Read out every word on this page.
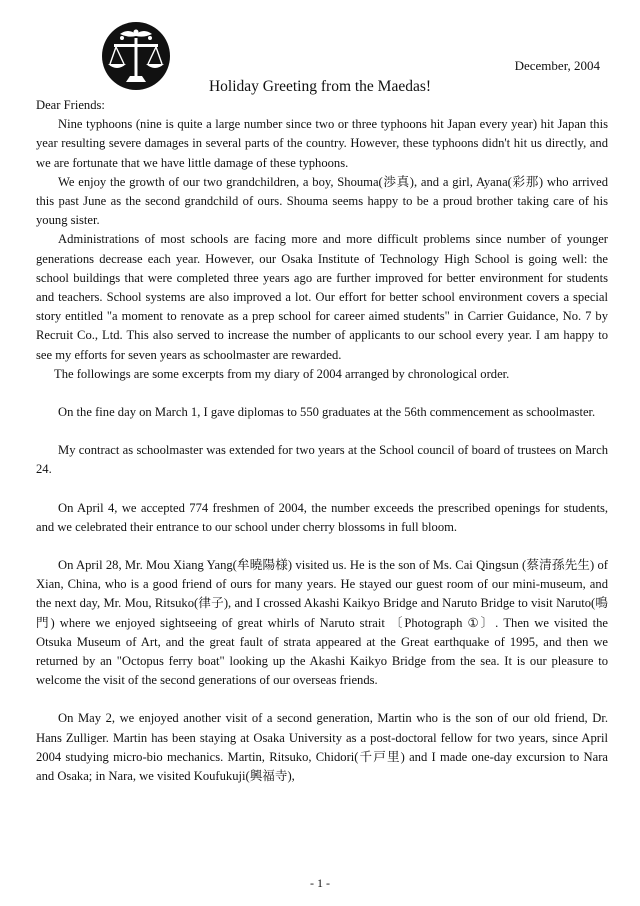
December, 2004
Holiday Greeting from the Maedas!

Dear Friends:

Nine typhoons (nine is quite a large number since two or three typhoons hit Japan every year) hit Japan this year resulting severe damages in several parts of the country. However, these typhoons didn't hit us directly, and we are fortunate that we have little damage of these typhoons.

We enjoy the growth of our two grandchildren, a boy, Shouma(渉真), and a girl, Ayana(彩那) who arrived this past June as the second grandchild of ours. Shouma seems happy to be a proud brother taking care of his young sister.

Administrations of most schools are facing more and more difficult problems since number of younger generations decrease each year. However, our Osaka Institute of Technology High School is going well: the school buildings that were completed three years ago are further improved for better environment for students and teachers. School systems are also improved a lot. Our effort for better school environment covers a special story entitled "a moment to renovate as a prep school for career aimed students" in Carrier Guidance, No. 7 by Recruit Co., Ltd. This also served to increase the number of applicants to our school every year. I am happy to see my efforts for seven years as schoolmaster are rewarded.

The followings are some excerpts from my diary of 2004 arranged by chronological order.

On the fine day on March 1, I gave diplomas to 550 graduates at the 56th commencement as schoolmaster.

My contract as schoolmaster was extended for two years at the School council of board of trustees on March 24.

On April 4, we accepted 774 freshmen of 2004, the number exceeds the prescribed openings for students, and we celebrated their entrance to our school under cherry blossoms in full bloom.

On April 28, Mr. Mou Xiang Yang(牟曉陽様) visited us. He is the son of Ms. Cai Qingsun (蔡清孫先生) of Xian, China, who is a good friend of ours for many years. He stayed our guest room of our mini-museum, and the next day, Mr. Mou, Ritsuko(律子), and I crossed Akashi Kaikyo Bridge and Naruto Bridge to visit Naruto(鳴門) where we enjoyed sightseeing of great whirls of Naruto strait 〔Photograph ①〕. Then we visited the Otsuka Museum of Art, and the great fault of strata appeared at the Great earthquake of 1995, and then we returned by an "Octopus ferry boat" looking up the Akashi Kaikyo Bridge from the sea. It is our pleasure to welcome the visit of the second generations of our overseas friends.

On May 2, we enjoyed another visit of a second generation, Martin who is the son of our old friend, Dr. Hans Zulliger. Martin has been staying at Osaka University as a post-doctoral fellow for two years, since April 2004 studying micro-bio mechanics. Martin, Ritsuko, Chidori(千戸里) and I made one-day excursion to Nara and Osaka; in Nara, we visited Koufukuji(興福寺),

- 1 -
